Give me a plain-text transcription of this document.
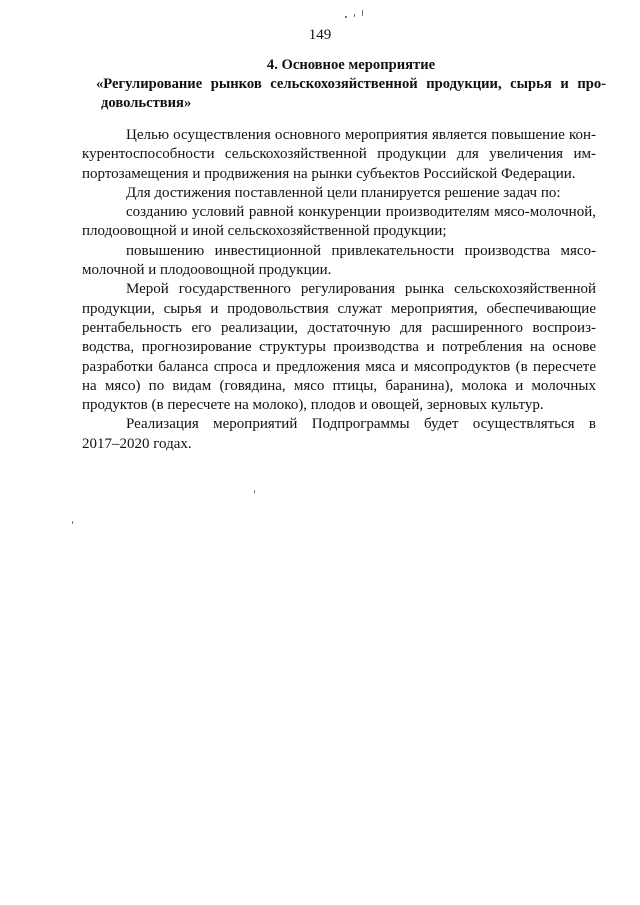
149
4. Основное мероприятие
«Регулирование рынков сельскохозяйственной продукции, сырья и про-
довольствия»
Целью осуществления основного мероприятия является повышение кон-
курентоспособности сельскохозяйственной продукции для увеличения им-
портозамещения и продвижения на рынки субъектов Российской Федерации.
Для достижения поставленной цели планируется решение задач по:
созданию условий равной конкуренции производителям мясо-молочной,
плодоовощной и иной сельскохозяйственной продукции;
повышению инвестиционной привлекательности производства мясо-
молочной и плодоовощной продукции.
Мерой государственного регулирования рынка сельскохозяйственной
продукции, сырья и продовольствия служат мероприятия, обеспечивающие
рентабельность его реализации, достаточную для расширенного воспроиз-
водства, прогнозирование структуры производства и потребления на основе
разработки баланса спроса и предложения мяса и мясопродуктов (в пересчете
на мясо) по видам (говядина, мясо птицы, баранина), молока и молочных
продуктов (в пересчете на молоко), плодов и овощей, зерновых культур.
Реализация мероприятий Подпрограммы будет осуществляться в
2017–2020 годах.
